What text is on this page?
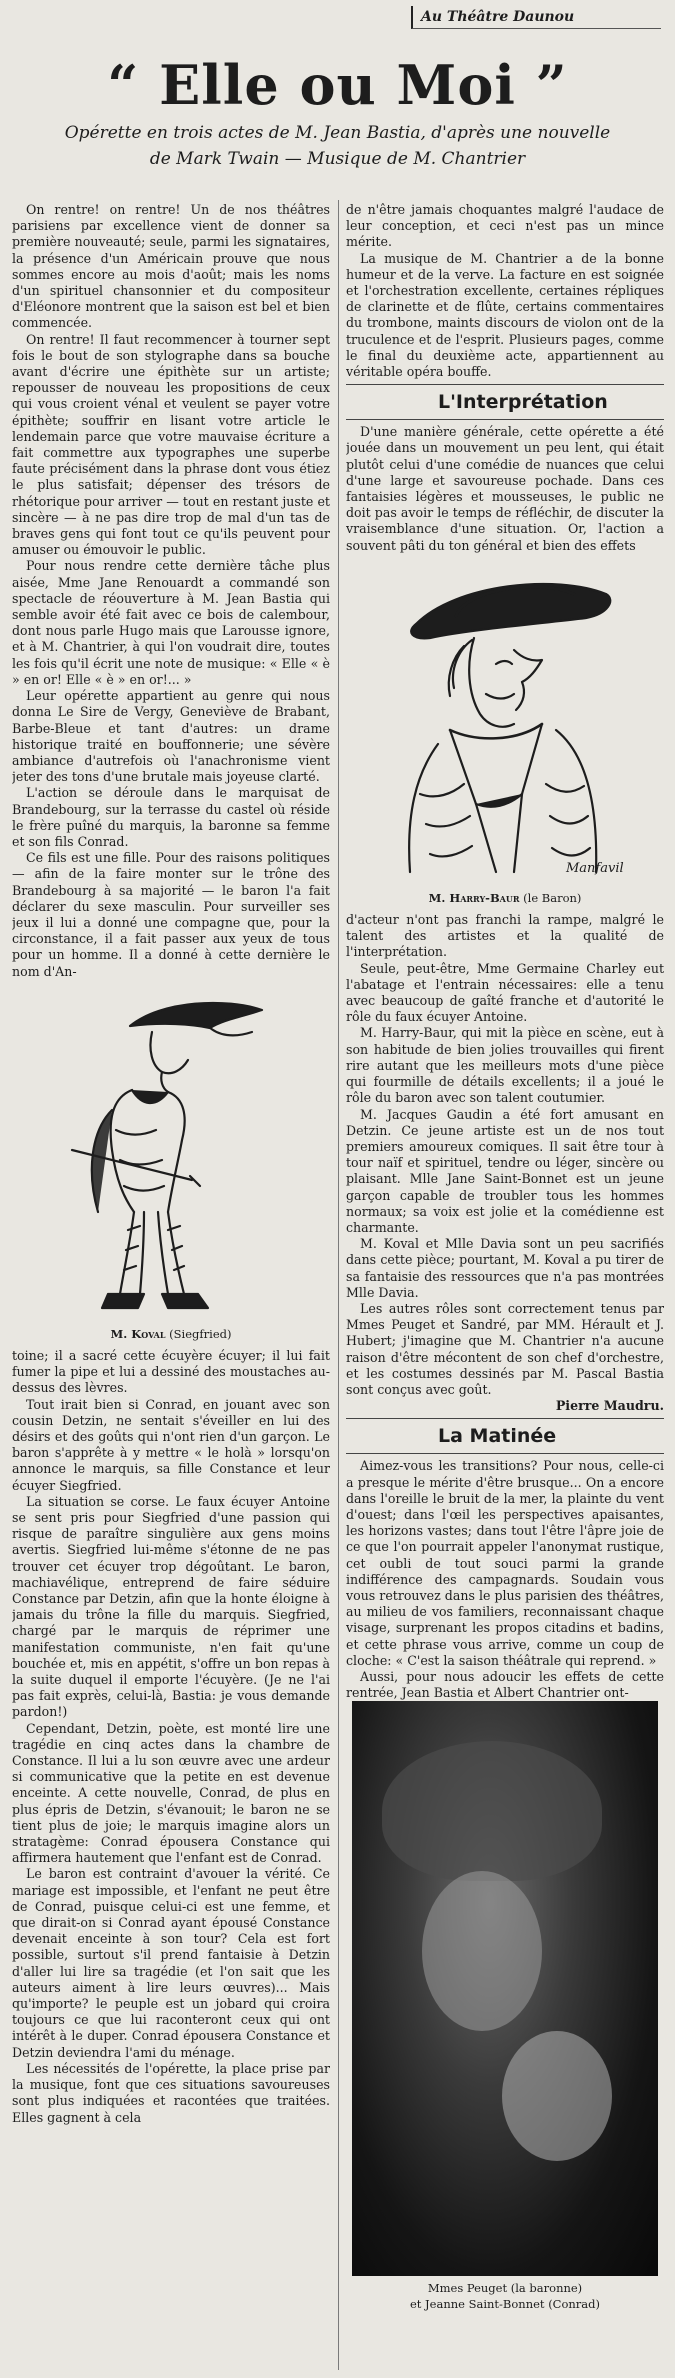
Au Théâtre Daunou
“ Elle ou Moi ”
Opérette en trois actes de M. Jean Bastia, d'après une nouvelle
de Mark Twain — Musique de M. Chantrier

On rentre! on rentre! Un de nos théâtres parisiens par excellence vient de donner sa première nouveauté; seule, parmi les signataires, la présence d'un Américain prouve que nous sommes encore au mois d'août; mais les noms d'un spirituel chansonnier et du compositeur d'Eléonore montrent que la saison est bel et bien commencée.

On rentre! Il faut recommencer à tourner sept fois le bout de son stylographe dans sa bouche avant d'écrire une épithète sur un artiste; repousser de nouveau les propositions de ceux qui vous croient vénal et veulent se payer votre épithète; souffrir en lisant votre article le lendemain parce que votre mauvaise écriture a fait commettre aux typographes une superbe faute précisément dans la phrase dont vous étiez le plus satisfait; dépenser des trésors de rhétorique pour arriver — tout en restant juste et sincère — à ne pas dire trop de mal d'un tas de braves gens qui font tout ce qu'ils peuvent pour amuser ou émouvoir le public.

Pour nous rendre cette dernière tâche plus aisée, Mme Jane Renouardt a commandé son spectacle de réouverture à M. Jean Bastia qui semble avoir été fait avec ce bois de calembour, dont nous parle Hugo mais que Larousse ignore, et à M. Chantrier, à qui l'on voudrait dire, toutes les fois qu'il écrit une note de musique: « Elle « è » en or! Elle « è » en or!... »

Leur opérette appartient au genre qui nous donna Le Sire de Vergy, Geneviève de Brabant, Barbe-Bleue et tant d'autres: un drame historique traité en bouffonnerie; une sévère ambiance d'autrefois où l'anachronisme vient jeter des tons d'une brutale mais joyeuse clarté.

L'action se déroule dans le marquisat de Brandebourg, sur la terrasse du castel où réside le frère puîné du marquis, la baronne sa femme et son fils Conrad.

Ce fils est une fille. Pour des raisons politiques — afin de la faire monter sur le trône des Brandebourg à sa majorité — le baron l'a fait déclarer du sexe masculin. Pour surveiller ses jeux il lui a donné une compagne que, pour la circonstance, il a fait passer aux yeux de tous pour un homme. Il a donné à cette dernière le nom d'An-

M. Koval (Siegfried)

toine; il a sacré cette écuyère écuyer; il lui fait fumer la pipe et lui a dessiné des moustaches au-dessus des lèvres.

Tout irait bien si Conrad, en jouant avec son cousin Detzin, ne sentait s'éveiller en lui des désirs et des goûts qui n'ont rien d'un garçon. Le baron s'apprête à y mettre « le holà » lorsqu'on annonce le marquis, sa fille Constance et leur écuyer Siegfried.

La situation se corse. Le faux écuyer Antoine se sent pris pour Siegfried d'une passion qui risque de paraître singulière aux gens moins avertis. Siegfried lui-même s'étonne de ne pas trouver cet écuyer trop dégoûtant. Le baron, machiavélique, entreprend de faire séduire Constance par Detzin, afin que la honte éloigne à jamais du trône la fille du marquis. Siegfried, chargé par le marquis de réprimer une manifestation communiste, n'en fait qu'une bouchée et, mis en appétit, s'offre un bon repas à la suite duquel il emporte l'écuyère. (Je ne l'ai pas fait exprès, celui-là, Bastia: je vous demande pardon!)

Cependant, Detzin, poète, est monté lire une tragédie en cinq actes dans la chambre de Constance. Il lui a lu son œuvre avec une ardeur si communicative que la petite en est devenue enceinte. A cette nouvelle, Conrad, de plus en plus épris de Detzin, s'évanouit; le baron ne se tient plus de joie; le marquis imagine alors un stratagème: Conrad épousera Constance qui affirmera hautement que l'enfant est de Conrad.

Le baron est contraint d'avouer la vérité. Ce mariage est impossible, et l'enfant ne peut être de Conrad, puisque celui-ci est une femme, et que dirait-on si Conrad ayant épousé Constance devenait enceinte à son tour? Cela est fort possible, surtout s'il prend fantaisie à Detzin d'aller lui lire sa tragédie (et l'on sait que les auteurs aiment à lire leurs œuvres)... Mais qu'importe? le peuple est un jobard qui croira toujours ce que lui raconteront ceux qui ont intérêt à le duper. Conrad épousera Constance et Detzin deviendra l'ami du ménage.

Les nécessités de l'opérette, la place prise par la musique, font que ces situations savoureuses sont plus indiquées et racontées que traitées. Elles gagnent à cela

de n'être jamais choquantes malgré l'audace de leur conception, et ceci n'est pas un mince mérite.

La musique de M. Chantrier a de la bonne humeur et de la verve. La facture en est soignée et l'orchestration excellente, certaines répliques de clarinette et de flûte, certains commentaires du trombone, maints discours de violon ont de la truculence et de l'esprit. Plusieurs pages, comme le final du deuxième acte, appartiennent au véritable opéra bouffe.

L'Interprétation

D'une manière générale, cette opérette a été jouée dans un mouvement un peu lent, qui était plutôt celui d'une comédie de nuances que celui d'une large et savoureuse pochade. Dans ces fantaisies légères et mousseuses, le public ne doit pas avoir le temps de réfléchir, de discuter la vraisemblance d'une situation. Or, l'action a souvent pâti du ton général et bien des effets

Manfavil
M. Harry-Baur (le Baron)

d'acteur n'ont pas franchi la rampe, malgré le talent des artistes et la qualité de l'interprétation.

Seule, peut-être, Mme Germaine Charley eut l'abatage et l'entrain nécessaires: elle a tenu avec beaucoup de gaîté franche et d'autorité le rôle du faux écuyer Antoine.

M. Harry-Baur, qui mit la pièce en scène, eut à son habitude de bien jolies trouvailles qui firent rire autant que les meilleurs mots d'une pièce qui fourmille de détails excellents; il a joué le rôle du baron avec son talent coutumier.

M. Jacques Gaudin a été fort amusant en Detzin. Ce jeune artiste est un de nos tout premiers amoureux comiques. Il sait être tour à tour naïf et spirituel, tendre ou léger, sincère ou plaisant. Mlle Jane Saint-Bonnet est un jeune garçon capable de troubler tous les hommes normaux; sa voix est jolie et la comédienne est charmante.

M. Koval et Mlle Davia sont un peu sacrifiés dans cette pièce; pourtant, M. Koval a pu tirer de sa fantaisie des ressources que n'a pas montrées Mlle Davia.

Les autres rôles sont correctement tenus par Mmes Peuget et Sandré, par MM. Hérault et J. Hubert; j'imagine que M. Chantrier n'a aucune raison d'être mécontent de son chef d'orchestre, et les costumes dessinés par M. Pascal Bastia sont conçus avec goût.

Pierre Maudru.

La Matinée

Aimez-vous les transitions? Pour nous, celle-ci a presque le mérite d'être brusque... On a encore dans l'oreille le bruit de la mer, la plainte du vent d'ouest; dans l'œil les perspectives apaisantes, les horizons vastes; dans tout l'être l'âpre joie de ce que l'on pourrait appeler l'anonymat rustique, cet oubli de tout souci parmi la grande indifférence des campagnards. Soudain vous vous retrouvez dans le plus parisien des théâtres, au milieu de vos familiers, reconnaissant chaque visage, surprenant les propos citadins et badins, et cette phrase vous arrive, comme un coup de cloche: « C'est la saison théâtrale qui reprend. »

Aussi, pour nous adoucir les effets de cette rentrée, Jean Bastia et Albert Chantrier ont-

Mmes Peuget (la baronne)
et Jeanne Saint-Bonnet (Conrad)
